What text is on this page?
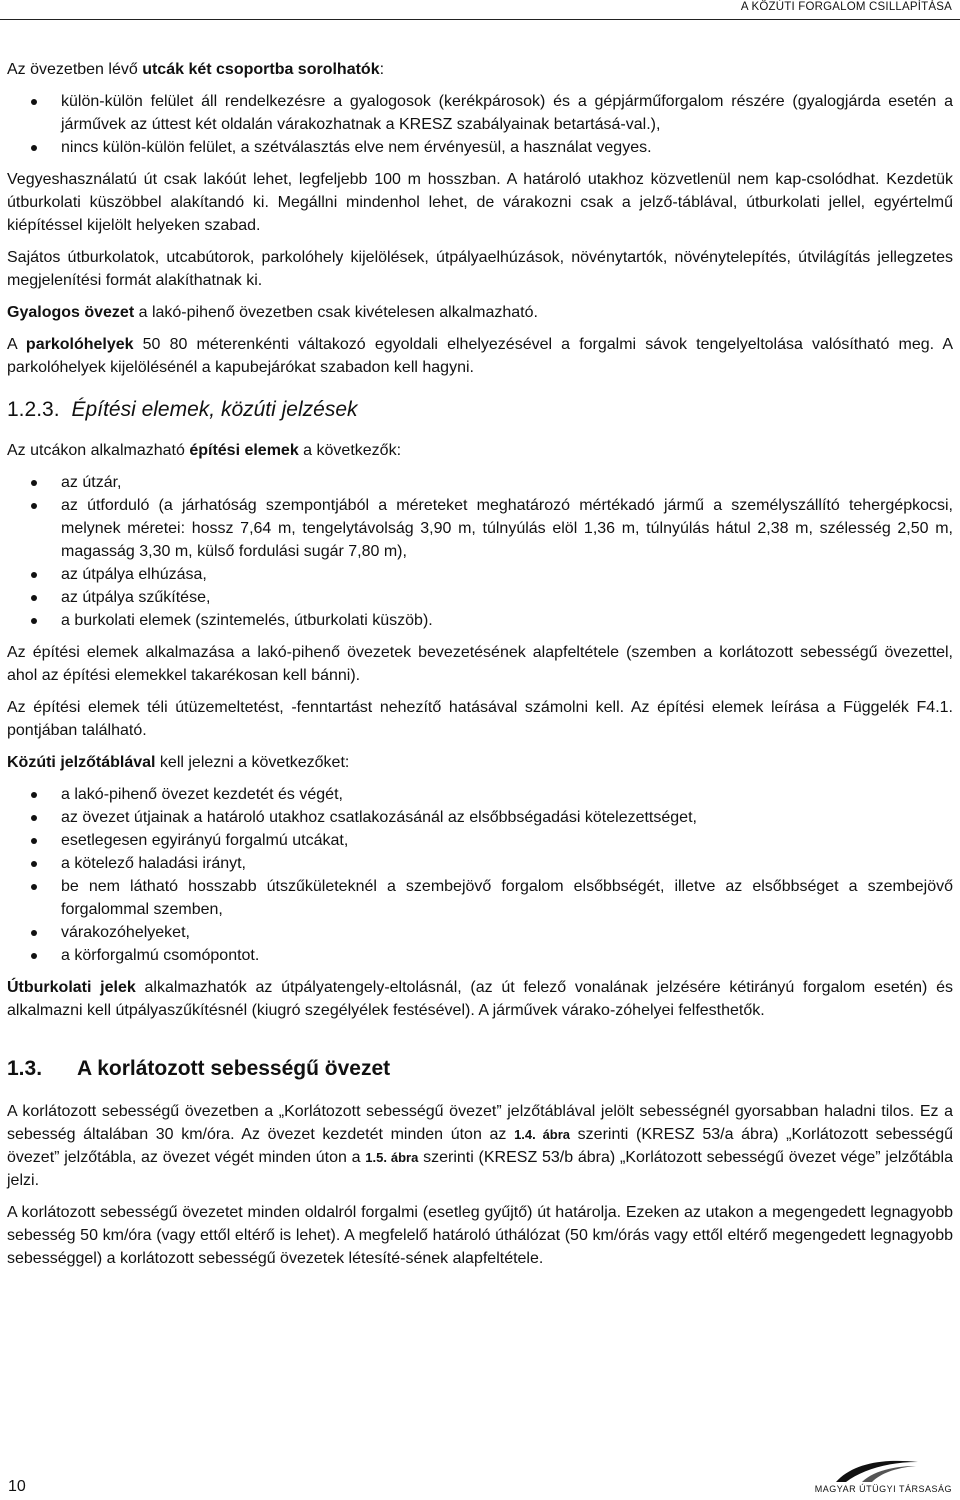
A KÖZÚTI FORGALOM CSILLAPÍTÁSA

Az övezetben lévő utcák két csoportba sorolhatók:

külön-külön felület áll rendelkezésre a gyalogosok (kerékpárosok) és a gépjárműforgalom részére (gyalogjárda esetén a járművek az úttest két oldalán várakozhatnak a KRESZ szabályainak betartásá-val.),
nincs külön-külön felület, a szétválasztás elve nem érvényesül, a használat vegyes.

Vegyeshasználatú út csak lakóút lehet, legfeljebb 100 m hosszban. A határoló utakhoz közvetlenül nem kap-csolódhat. Kezdetük útburkolati küszöbbel alakítandó ki. Megállni mindenhol lehet, de várakozni csak a jelző-táblával, útburkolati jellel, egyértelmű kiépítéssel kijelölt helyeken szabad.

Sajátos útburkolatok, utcabútorok, parkolóhely kijelölések, útpályaelhúzások, növénytartók, növénytelepítés, útvilágítás jellegzetes megjelenítési formát alakíthatnak ki.

Gyalogos övezet a lakó-pihenő övezetben csak kivételesen alkalmazható.

A parkolóhelyek 50 80 méterenkénti váltakozó egyoldali elhelyezésével a forgalmi sávok tengelyeltolása valósítható meg. A parkolóhelyek kijelölésénél a kapubejárókat szabadon kell hagyni.

1.2.3. Építési elemek, közúti jelzések

Az utcákon alkalmazható építési elemek a következők:

az útzár,
az útforduló (a járhatóság szempontjából a méreteket meghatározó mértékadó jármű a személyszállító tehergépkocsi, melynek méretei: hossz 7,64 m, tengelytávolság 3,90 m, túlnyúlás elöl 1,36 m, túlnyúlás hátul 2,38 m, szélesség 2,50 m, magasság 3,30 m, külső fordulási sugár 7,80 m),
az útpálya elhúzása,
az útpálya szűkítése,
a burkolati elemek (szintemelés, útburkolati küszöb).

Az építési elemek alkalmazása a lakó-pihenő övezetek bevezetésének alapfeltétele (szemben a korlátozott sebességű övezettel, ahol az építési elemekkel takarékosan kell bánni).

Az építési elemek téli útüzemeltetést, -fenntartást nehezítő hatásával számolni kell. Az építési elemek leírása a Függelék F4.1. pontjában található.

Közúti jelzőtáblával kell jelezni a következőket:

a lakó-pihenő övezet kezdetét és végét,
az övezet útjainak a határoló utakhoz csatlakozásánál az elsőbbségadási kötelezettséget,
esetlegesen egyirányú forgalmú utcákat,
a kötelező haladási irányt,
be nem látható hosszabb útszűkületeknél a szembejövő forgalom elsőbbségét, illetve az elsőbbséget a szembejövő forgalommal szemben,
várakozóhelyeket,
a körforgalmú csomópontot.

Útburkolati jelek alkalmazhatók az útpályatengely-eltolásnál, (az út felező vonalának jelzésére kétirányú forgalom esetén) és alkalmazni kell útpályaszűkítésnél (kiugró szegélyélek festésével). A járművek várako-zóhelyei felfesthetők.

1.3. A korlátozott sebességű övezet

A korlátozott sebességű övezetben a „Korlátozott sebességű övezet” jelzőtáblával jelölt sebességnél gyorsabban haladni tilos. Ez a sebesség általában 30 km/óra. Az övezet kezdetét minden úton az 1.4. ábra szerinti (KRESZ 53/a ábra) „Korlátozott sebességű övezet” jelzőtábla, az övezet végét minden úton a 1.5. ábra szerinti (KRESZ 53/b ábra) „Korlátozott sebességű övezet vége” jelzőtábla jelzi.

A korlátozott sebességű övezetet minden oldalról forgalmi (esetleg gyűjtő) út határolja. Ezeken az utakon a megengedett legnagyobb sebesség 50 km/óra (vagy ettől eltérő is lehet). A megfelelő határoló úthálózat (50 km/órás vagy ettől eltérő megengedett legnagyobb sebességgel) a korlátozott sebességű övezetek létesíté-sének alapfeltétele.

10	MAGYAR ÚTÜGYI TÁRSASÁG
